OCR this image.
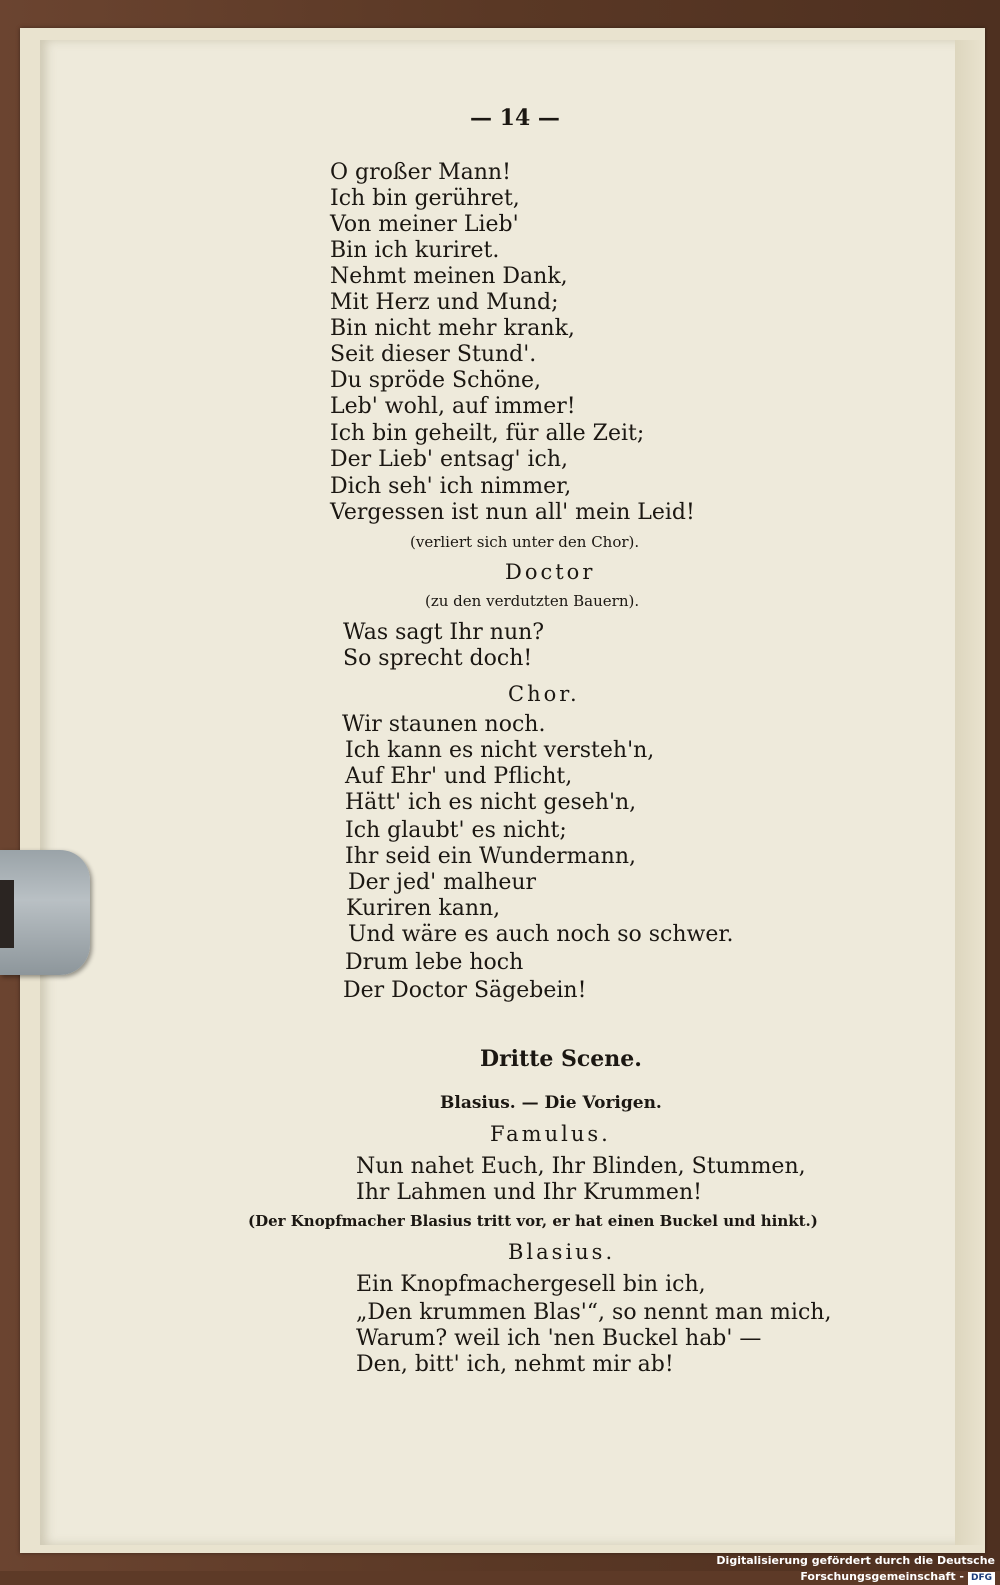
— 14 —
O großer Mann!
Ich bin gerühret,
Von meiner Lieb'
Bin ich kuriret.
Nehmt meinen Dank,
Mit Herz und Mund;
Bin nicht mehr krank,
Seit dieser Stund'.
Du spröde Schöne,
Leb' wohl, auf immer!
Ich bin geheilt, für alle Zeit;
Der Lieb' entsag' ich,
Dich seh' ich nimmer,
Vergessen ist nun all' mein Leid!
(verliert sich unter den Chor).
Doctor
(zu den verdutzten Bauern).
Was sagt Ihr nun?
So sprecht doch!
Chor.
Wir staunen noch.
Ich kann es nicht versteh'n,
Auf Ehr' und Pflicht,
Hätt' ich es nicht geseh'n,
Ich glaubt' es nicht;
Ihr seid ein Wundermann,
Der jed' malheur
Kuriren kann,
Und wäre es auch noch so schwer.
Drum lebe hoch
Der Doctor Sägebein!
Dritte Scene.
Blasius. — Die Vorigen.
Famulus.
Nun nahet Euch, Ihr Blinden, Stummen,
Ihr Lahmen und Ihr Krummen!
(Der Knopfmacher Blasius tritt vor, er hat einen Buckel und hinkt.)
Blasius.
Ein Knopfmachergesell bin ich,
„Den krummen Blas'“, so nennt man mich,
Warum? weil ich 'nen Buckel hab' —
Den, bitt' ich, nehmt mir ab!
Digitalisierung gefördert durch die Deutsche Forschungsgemeinschaft - DFG
